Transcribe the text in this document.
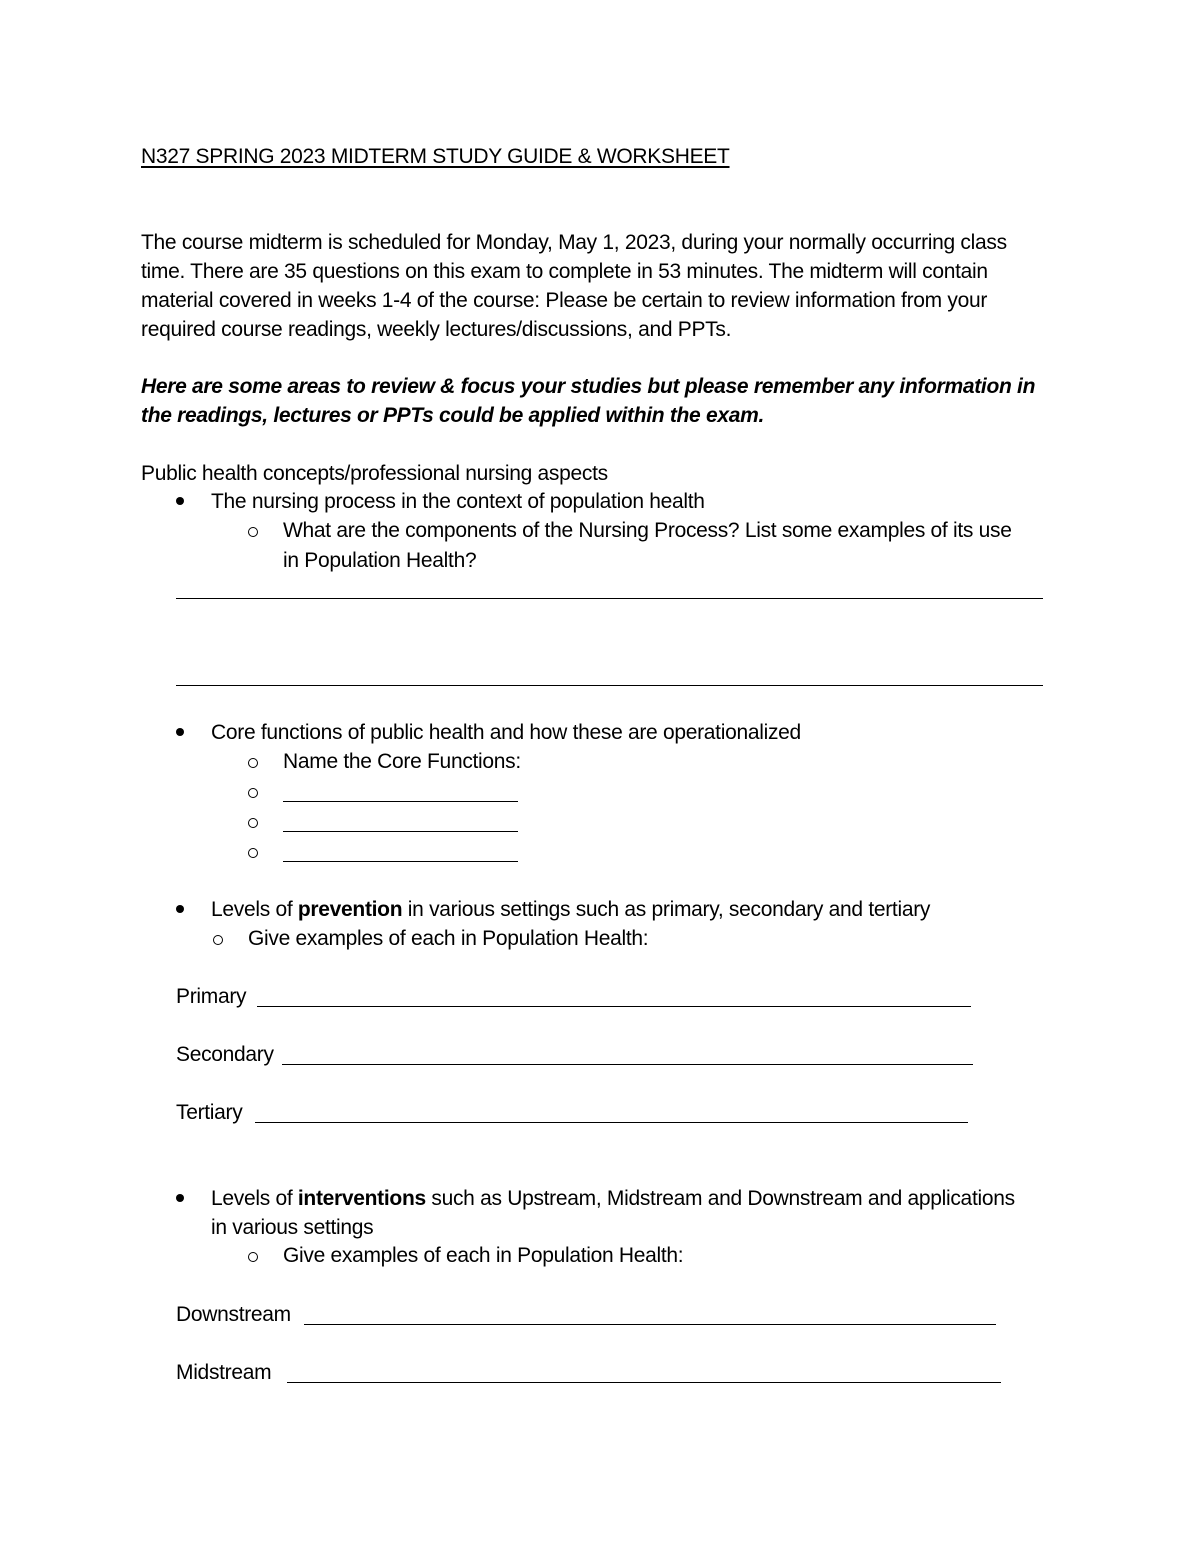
N327 SPRING 2023 MIDTERM STUDY GUIDE & WORKSHEET
The course midterm is scheduled for Monday, May 1, 2023, during your normally occurring class
time. There are 35 questions on this exam to complete in 53 minutes. The midterm will contain
material covered in weeks 1-4 of the course: Please be certain to review information from your
required course readings, weekly lectures/discussions, and PPTs.
Here are some areas to review & focus your studies but please remember any information in
the readings, lectures or PPTs could be applied within the exam.
Public health concepts/professional nursing aspects
The nursing process in the context of population health
What are the components of the Nursing Process? List some examples of its use
in Population Health?
Core functions of public health and how these are operationalized
Name the Core Functions:
Levels of prevention in various settings such as primary, secondary and tertiary
Give examples of each in Population Health:
Primary
Secondary
Tertiary
Levels of interventions such as Upstream, Midstream and Downstream and applications
in various settings
Give examples of each in Population Health:
Downstream
Midstream
